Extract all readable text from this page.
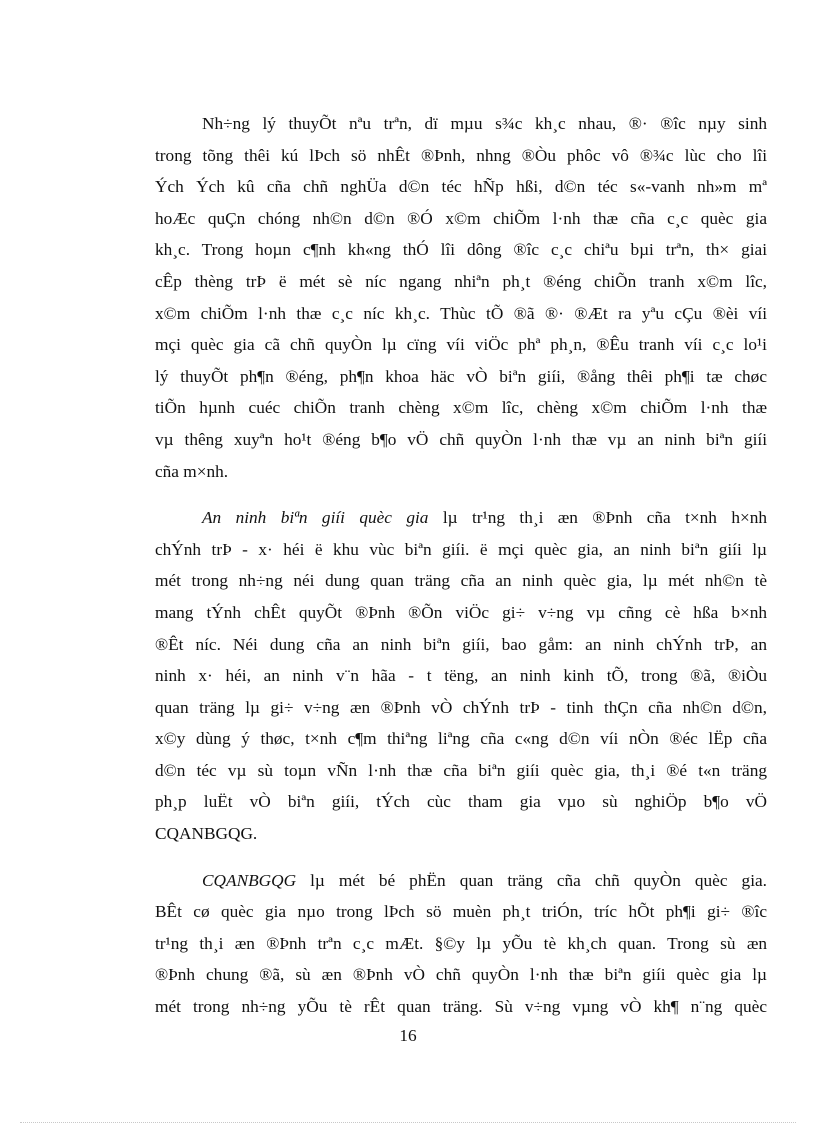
Nh÷ng lý thuyÕt nªu trªn, dï mµu s¾c kh¸c nhau, ®· ®îc nµy sinh
trong tõng thêi kú lÞch sö nhÊt ®Þnh, nhng ®Òu phôc vô ®¾c lùc cho lîi
Ých Ých kû cña chñ nghÜa d©n téc hÑp hßi, d©n téc s«-vanh nh»m mª
hoÆc quÇn chóng nh©n d©n ®Ó x©m chiÕm l·nh thæ cña c¸c quèc gia
kh¸c. Trong hoµn c¶nh kh«ng thÓ lîi dông ®îc c¸c chiªu bµi trªn, th× giai
cÊp thèng trÞ ë mét sè níc ngang nhiªn ph¸t ®éng chiÕn tranh x©m lîc,
x©m chiÕm l·nh thæ c¸c níc kh¸c. Thùc tÕ ®ã ®· ®Æt ra yªu cÇu ®èi víi
mçi quèc gia cã chñ quyÒn lµ cïng víi viÖc phª ph¸n, ®Êu tranh víi c¸c lo¹i
lý thuyÕt ph¶n ®éng, ph¶n khoa häc vÒ biªn giíi, ®ång thêi ph¶i tæ chøc
tiÕn hµnh cuéc chiÕn tranh chèng x©m lîc, chèng x©m chiÕm l·nh thæ
vµ thêng xuyªn ho¹t ®éng b¶o vÖ chñ quyÒn l·nh thæ vµ an ninh biªn giíi
cña m×nh.

An ninh biªn giíi quèc gia lµ tr¹ng th¸i æn ®Þnh cña t×nh h×nh
chÝnh trÞ - x· héi ë khu vùc biªn giíi. ë mçi quèc gia, an ninh biªn giíi lµ
mét trong nh÷ng néi dung quan träng cña an ninh quèc gia, lµ mét nh©n tè
mang tÝnh chÊt quyÕt ®Þnh ®Õn viÖc gi÷ v÷ng vµ cñng cè hßa b×nh
®Êt níc. Néi dung cña an ninh biªn giíi, bao gåm: an ninh chÝnh trÞ, an
ninh x· héi, an ninh v¨n hãa - t tëng, an ninh kinh tÕ, trong ®ã, ®iÒu
quan träng lµ gi÷ v÷ng æn ®Þnh vÒ chÝnh trÞ - tinh thÇn cña nh©n d©n,
x©y dùng ý thøc, t×nh c¶m thiªng liªng cña c«ng d©n víi nÒn ®éc lËp cña
d©n téc vµ sù toµn vÑn l·nh thæ cña biªn giíi quèc gia, th¸i ®é t«n träng
ph¸p luËt vÒ biªn giíi, tÝch cùc tham gia vµo sù nghiÖp b¶o vÖ
CQANBGQG.

CQANBGQG lµ mét bé phËn quan träng cña chñ quyÒn quèc gia.
BÊt cø quèc gia nµo trong lÞch sö muèn ph¸t triÓn, tríc hÕt ph¶i gi÷ ®îc
tr¹ng th¸i æn ®Þnh trªn c¸c mÆt. §©y lµ yÕu tè kh¸ch quan. Trong sù æn
®Þnh chung ®ã, sù æn ®Þnh vÒ chñ quyÒn l·nh thæ biªn giíi quèc gia lµ
mét trong nh÷ng yÕu tè rÊt quan träng. Sù v÷ng vµng vÒ kh¶ n¨ng quèc

16
